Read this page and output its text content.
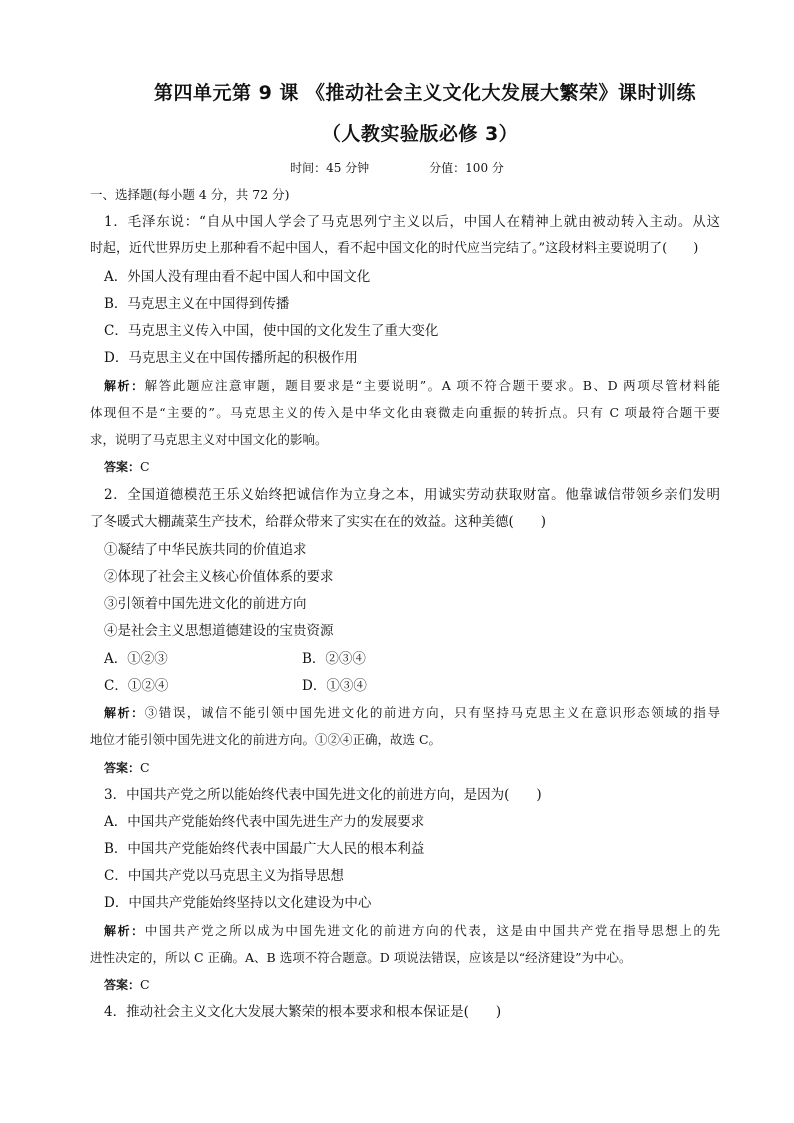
第四单元第 9 课 《推动社会主义文化大发展大繁荣》课时训练
（人教实验版必修 3）
时间：45 分钟	分值：100 分
一、选择题(每小题 4 分，共 72 分)
1．毛泽东说：“自从中国人学会了马克思列宁主义以后，中国人在精神上就由被动转入主动。从这
时起，近代世界历史上那种看不起中国人，看不起中国文化的时代应当完结了。”这段材料主要说明了(　　)
A．外国人没有理由看不起中国人和中国文化
B．马克思主义在中国得到传播
C．马克思主义传入中国，使中国的文化发生了重大变化
D．马克思主义在中国传播所起的积极作用
解析：解答此题应注意审题，题目要求是“主要说明”。A 项不符合题干要求。B、D 两项尽管材料能
体现但不是“主要的”。马克思主义的传入是中华文化由衰微走向重振的转折点。只有 C 项最符合题干要
求，说明了马克思主义对中国文化的影响。
答案：C
2．全国道德模范王乐义始终把诚信作为立身之本，用诚实劳动获取财富。他靠诚信带领乡亲们发明
了冬暖式大棚蔬菜生产技术，给群众带来了实实在在的效益。这种美德(　　)
①凝结了中华民族共同的价值追求
②体现了社会主义核心价值体系的要求
③引领着中国先进文化的前进方向
④是社会主义思想道德建设的宝贵资源
A．①②③	B．②③④
C．①②④	D．①③④
解析：③错误，诚信不能引领中国先进文化的前进方向，只有坚持马克思主义在意识形态领域的指导
地位才能引领中国先进文化的前进方向。①②④正确，故选 C。
答案：C
3．中国共产党之所以能始终代表中国先进文化的前进方向，是因为(　　)
A．中国共产党能始终代表中国先进生产力的发展要求
B．中国共产党能始终代表中国最广大人民的根本利益
C．中国共产党以马克思主义为指导思想
D．中国共产党能始终坚持以文化建设为中心
解析：中国共产党之所以成为中国先进文化的前进方向的代表，这是由中国共产党在指导思想上的先
进性决定的，所以 C 正确。A、B 选项不符合题意。D 项说法错误，应该是以“经济建设”为中心。
答案：C
4．推动社会主义文化大发展大繁荣的根本要求和根本保证是(　　)
